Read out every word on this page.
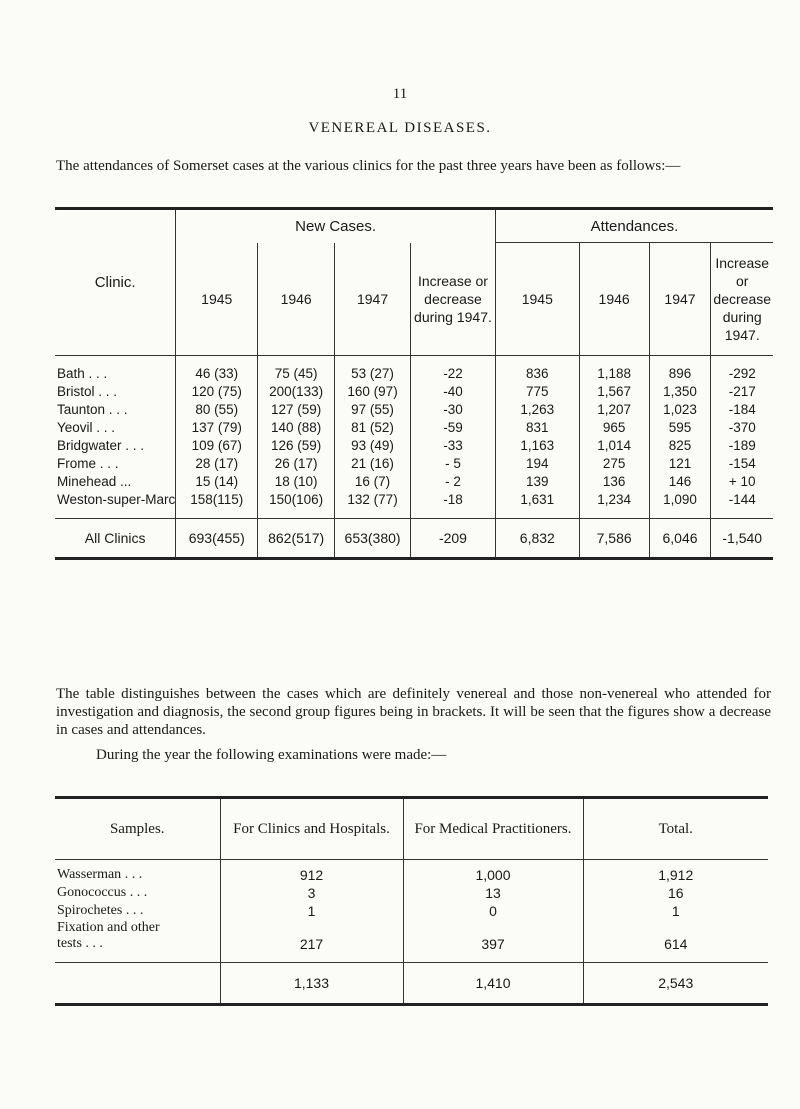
11
VENEREAL DISEASES.
The attendances of Somerset cases at the various clinics for the past three years have been as follows:—
Clinic.	New Cases.				Attendances.			
	1945	1946	1947	Increase or decrease during 1947.	1945	1946	1947	Increase or decrease during 1947.
Bath . . .	46 (33)	75 (45)	53 (27)	-22	836	1,188	896	-292
Bristol . . .	120 (75)	200(133)	160 (97)	-40	775	1,567	1,350	-217
Taunton . . .	80 (55)	127 (59)	97 (55)	-30	1,263	1,207	1,023	-184
Yeovil . . .	137 (79)	140 (88)	81 (52)	-59	831	965	595	-370
Bridgwater . . .	109 (67)	126 (59)	93 (49)	-33	1,163	1,014	825	-189
Frome . . .	28 (17)	26 (17)	21 (16)	- 5	194	275	121	-154
Minehead ...	15 (14)	18 (10)	16 (7)	- 2	139	136	146	+ 10
Weston-super-Marc	158(115)	150(106)	132 (77)	-18	1,631	1,234	1,090	-144
All Clinics	693(455)	862(517)	653(380)	-209	6,832	7,586	6,046	-1,540
The table distinguishes between the cases which are definitely venereal and those non-venereal who attended for investigation and diagnosis, the second group figures being in brackets. It will be seen that the figures show a decrease in cases and attendances.
During the year the following examinations were made:—
Samples.	For Clinics and Hospitals.	For Medical Practitioners.	Total.
Wasserman . . .	912	1,000	1,912
Gonococcus . . .	3	13	16
Spirochetes . . .	1	0	1

Fixation and other
tests . . .	217	397	614
	1,133	1,410	2,543
